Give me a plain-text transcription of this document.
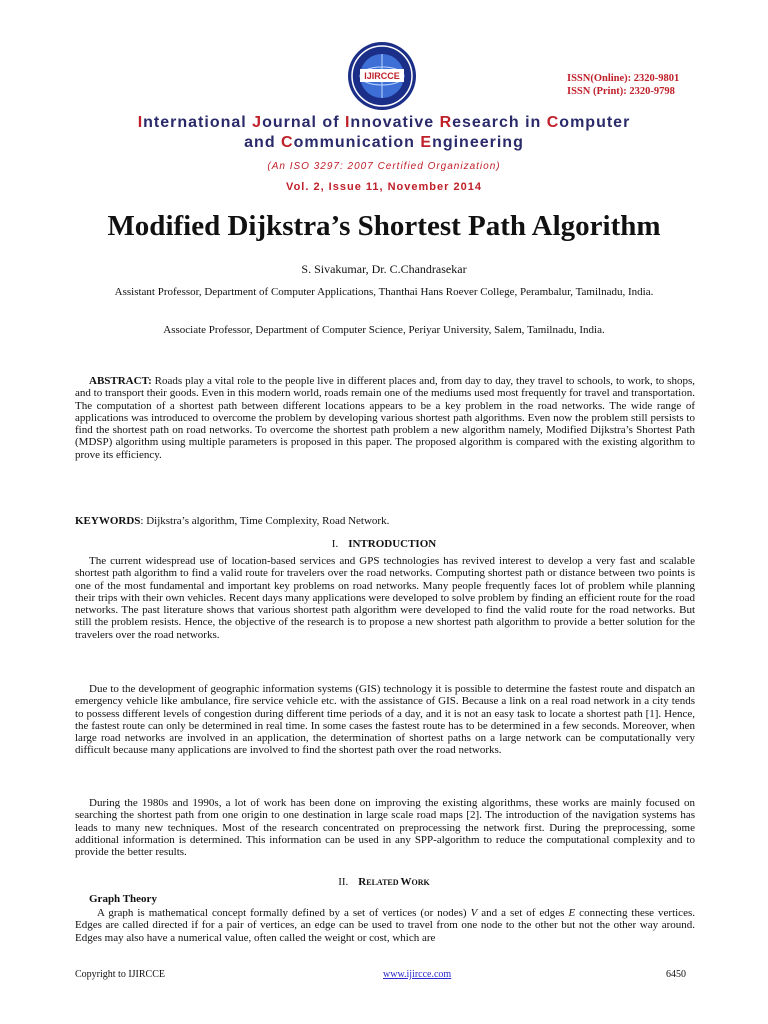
IJIRCCE	ISSN(Online): 2320-9801
ISSN (Print): 2320-9798
International Journal of Innovative Research in Computer
and Communication Engineering
(An ISO 3297: 2007 Certified Organization)
Vol. 2, Issue 11, November 2014
Modified Dijkstra’s Shortest Path Algorithm
S. Sivakumar, Dr. C.Chandrasekar
Assistant Professor, Department of Computer Applications, Thanthai Hans Roever College, Perambalur, Tamilnadu, India.
Associate Professor, Department of Computer Science, Periyar University, Salem, Tamilnadu, India.

ABSTRACT: Roads play a vital role to the people live in different places and, from day to day, they travel to schools, to work, to shops, and to transport their goods. Even in this modern world, roads remain one of the mediums used most frequently for travel and transportation. The computation of a shortest path between different locations appears to be a key problem in the road networks. The wide range of applications was introduced to overcome the problem by developing various shortest path algorithms. Even now the problem still persists to find the shortest path on road networks. To overcome the shortest path problem a new algorithm namely, Modified Dijkstra’s Shortest Path (MDSP) algorithm using multiple parameters is proposed in this paper. The proposed algorithm is compared with the existing algorithm to prove its efficiency.

KEYWORDS: Dijkstra’s algorithm, Time Complexity, Road Network.
I. INTRODUCTION

The current widespread use of location-based services and GPS technologies has revived interest to develop a very fast and scalable shortest path algorithm to find a valid route for travelers over the road networks. Computing shortest path or distance between two points is one of the most fundamental and important key problems on road networks. Many people frequently faces lot of problem while planning their trips with their own vehicles. Recent days many applications were developed to solve problem by finding an efficient route for the road networks. The past literature shows that various shortest path algorithm were developed to find the valid route for the road networks. But still the problem resists. Hence, the objective of the research is to propose a new shortest path algorithm to provide a better solution for the travelers over the road networks.

Due to the development of geographic information systems (GIS) technology it is possible to determine the fastest route and dispatch an emergency vehicle like ambulance, fire service vehicle etc. with the assistance of GIS. Because a link on a real road network in a city tends to possess different levels of congestion during different time periods of a day, and it is not an easy task to locate a shortest path [1]. Hence, the fastest route can only be determined in real time. In some cases the fastest route has to be determined in a few seconds. Moreover, when large road networks are involved in an application, the determination of shortest paths on a large network can be computationally very difficult because many applications are involved to find the shortest path over the road networks.

During the 1980s and 1990s, a lot of work has been done on improving the existing algorithms, these works are mainly focused on searching the shortest path from one origin to one destination in large scale road maps [2]. The introduction of the navigation systems has leads to many new techniques. Most of the research concentrated on preprocessing the network first. During the preprocessing, some additional information is determined. This information can be used in any SPP-algorithm to reduce the computational complexity and to provide the better results.

II. RELATED WORK
Graph Theory

A graph is mathematical concept formally defined by a set of vertices (or nodes) V and a set of edges E connecting these vertices. Edges are called directed if for a pair of vertices, an edge can be used to travel from one node to the other but not the other way around. Edges may also have a numerical value, often called the weight or cost, which are

Copyright to IJIRCCE	www.ijircce.com	6450
